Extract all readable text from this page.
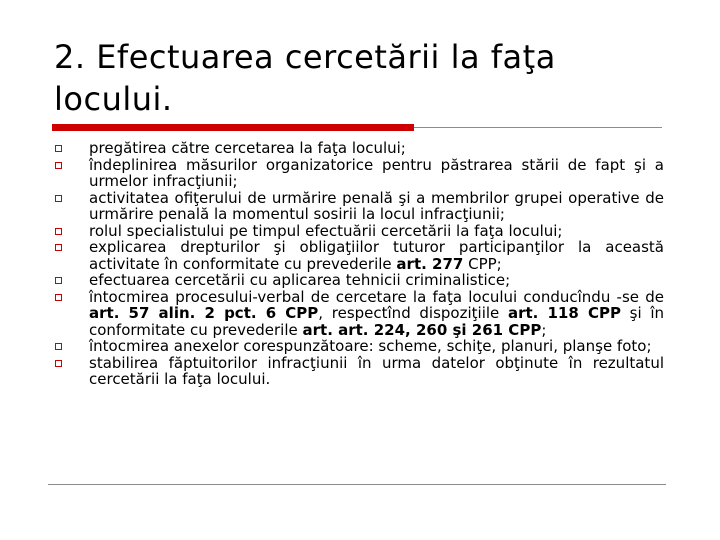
2. Efectuarea cercetării la faţa locului.
pregătirea către cercetarea la faţa locului;
îndeplinirea măsurilor organizatorice pentru păstrarea stării de fapt şi a urmelor infracţiunii;
activitatea ofiţerului de urmărire penală şi a membrilor grupei operative de urmărire penală la momentul sosirii la locul infracţiunii;
rolul specialistului pe timpul efectuării cercetării la faţa locului;
explicarea drepturilor şi obligaţiilor tuturor participanţilor la această activitate în conformitate cu prevederile art. 277 CPP;
efectuarea cercetării cu aplicarea tehnicii criminalistice;
întocmirea procesului-verbal de cercetare la faţa locului conducîndu -se de art. 57 alin. 2 pct. 6 CPP, respectînd dispoziţiile art. 118 CPP şi în conformitate cu prevederile art. art. 224, 260 şi 261 CPP;
întocmirea anexelor corespunzătoare: scheme, schiţe, planuri, planşe foto;
stabilirea făptuitorilor infracţiunii în urma datelor obţinute în rezultatul cercetării la faţa locului.
